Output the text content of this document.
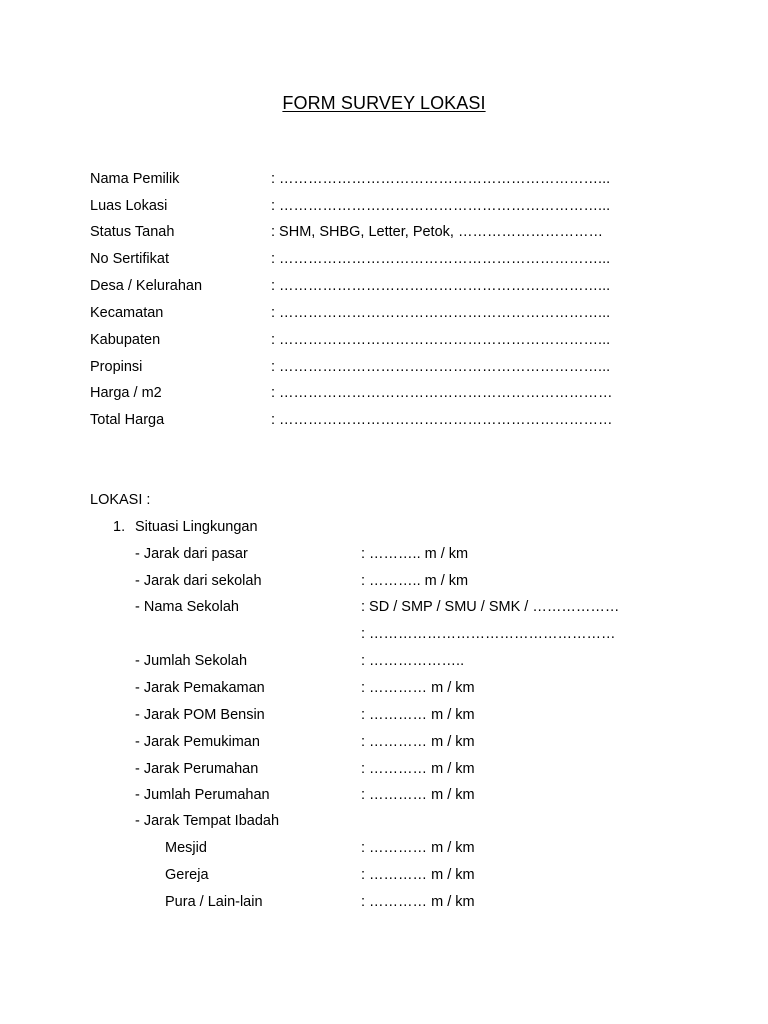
FORM SURVEY LOKASI
Nama Pemilik	: …………………………………………………………...
Luas Lokasi	: …………………………………………………………...
Status Tanah	: SHM, SHBG, Letter, Petok, …………………………
No Sertifikat	: …………………………………………………………...
Desa / Kelurahan	: …………………………………………………………...
Kecamatan	: …………………………………………………………...
Kabupaten	: …………………………………………………………...
Propinsi	: …………………………………………………………...
Harga / m2	: ……………………………………………………………
Total Harga	: ……………………………………………………………
LOKASI :
1. Situasi Lingkungan
- Jarak dari pasar	: ……….. m / km
- Jarak dari sekolah	: ……….. m / km
- Nama Sekolah	: SD / SMP / SMU / SMK / ………………
: ……………………………………………
- Jumlah Sekolah	: ………………..
- Jarak Pemakaman	: ………… m / km
- Jarak POM Bensin	: ………… m / km
- Jarak Pemukiman	: ………… m / km
- Jarak Perumahan	: ………… m / km
- Jumlah Perumahan	: ………… m / km
- Jarak Tempat Ibadah
Mesjid	: ………… m / km
Gereja	: ………… m / km
Pura / Lain-lain	: ………… m / km
